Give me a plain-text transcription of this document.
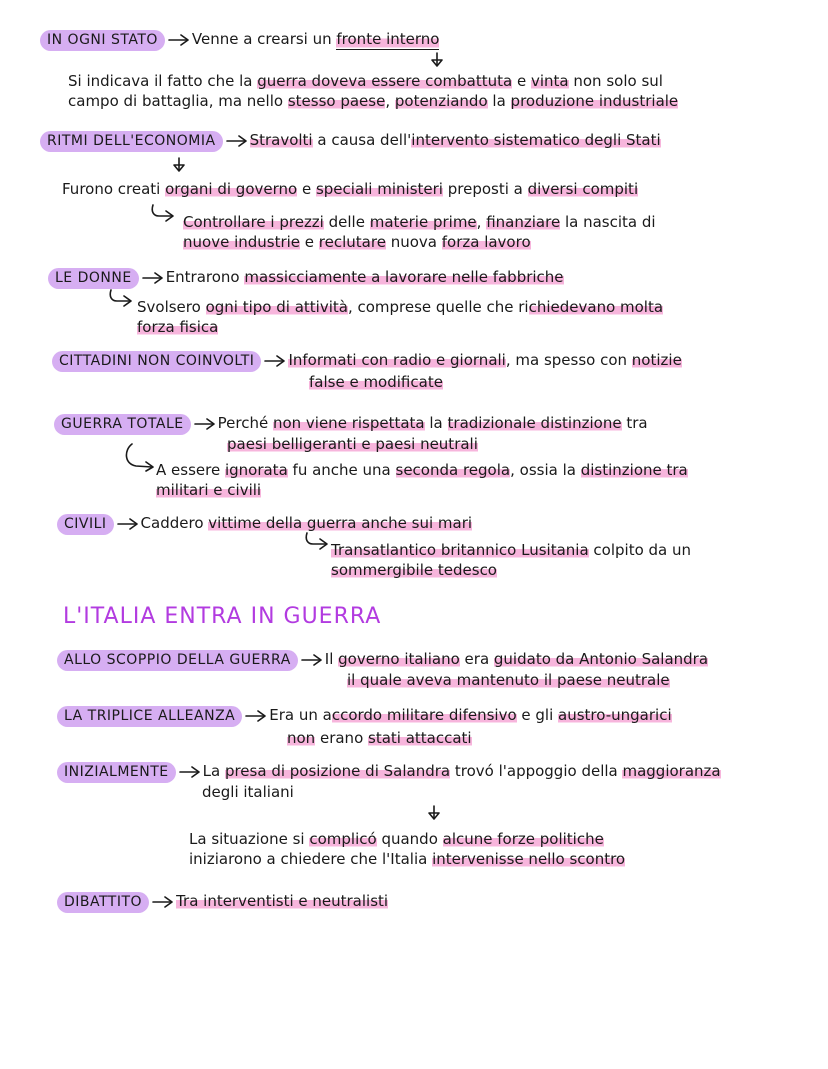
IN OGNI STATO Venne a crearsi un fronte interno
Si indicava il fatto che la guerra doveva essere combattuta e vinta non solo sul
campo di battaglia, ma nello stesso paese, potenziando la produzione industriale
RITMI DELL'ECONOMIA Stravolti a causa dell'intervento sistematico degli Stati
Furono creati organi di governo e speciali ministeri preposti a diversi compiti
Controllare i prezzi delle materie prime, finanziare la nascita di
nuove industrie e reclutare nuova forza lavoro
LE DONNE Entrarono massicciamente a lavorare nelle fabbriche
Svolsero ogni tipo di attività, comprese quelle che richiedevano molta
forza fisica
CITTADINI NON COINVOLTI Informati con radio e giornali, ma spesso con notizie
false e modificate
GUERRA TOTALE Perché non viene rispettata la tradizionale distinzione tra
paesi belligeranti e paesi neutrali
A essere ignorata fu anche una seconda regola, ossia la distinzione tra
militari e civili
CIVILI Caddero vittime della guerra anche sui mari
Transatlantico britannico Lusitania colpito da un
sommergibile tedesco
L'ITALIA ENTRA IN GUERRA
ALLO SCOPPIO DELLA GUERRA Il governo italiano era guidato da Antonio Salandra
il quale aveva mantenuto il paese neutrale
LA TRIPLICE ALLEANZA Era un accordo militare difensivo e gli austro-ungarici
non erano stati attaccati
INIZIALMENTE La presa di posizione di Salandra trovó l'appoggio della maggioranza
degli italiani
La situazione si complicó quando alcune forze politiche
iniziarono a chiedere che l'Italia intervenisse nello scontro
DIBATTITO Tra interventisti e neutralisti
